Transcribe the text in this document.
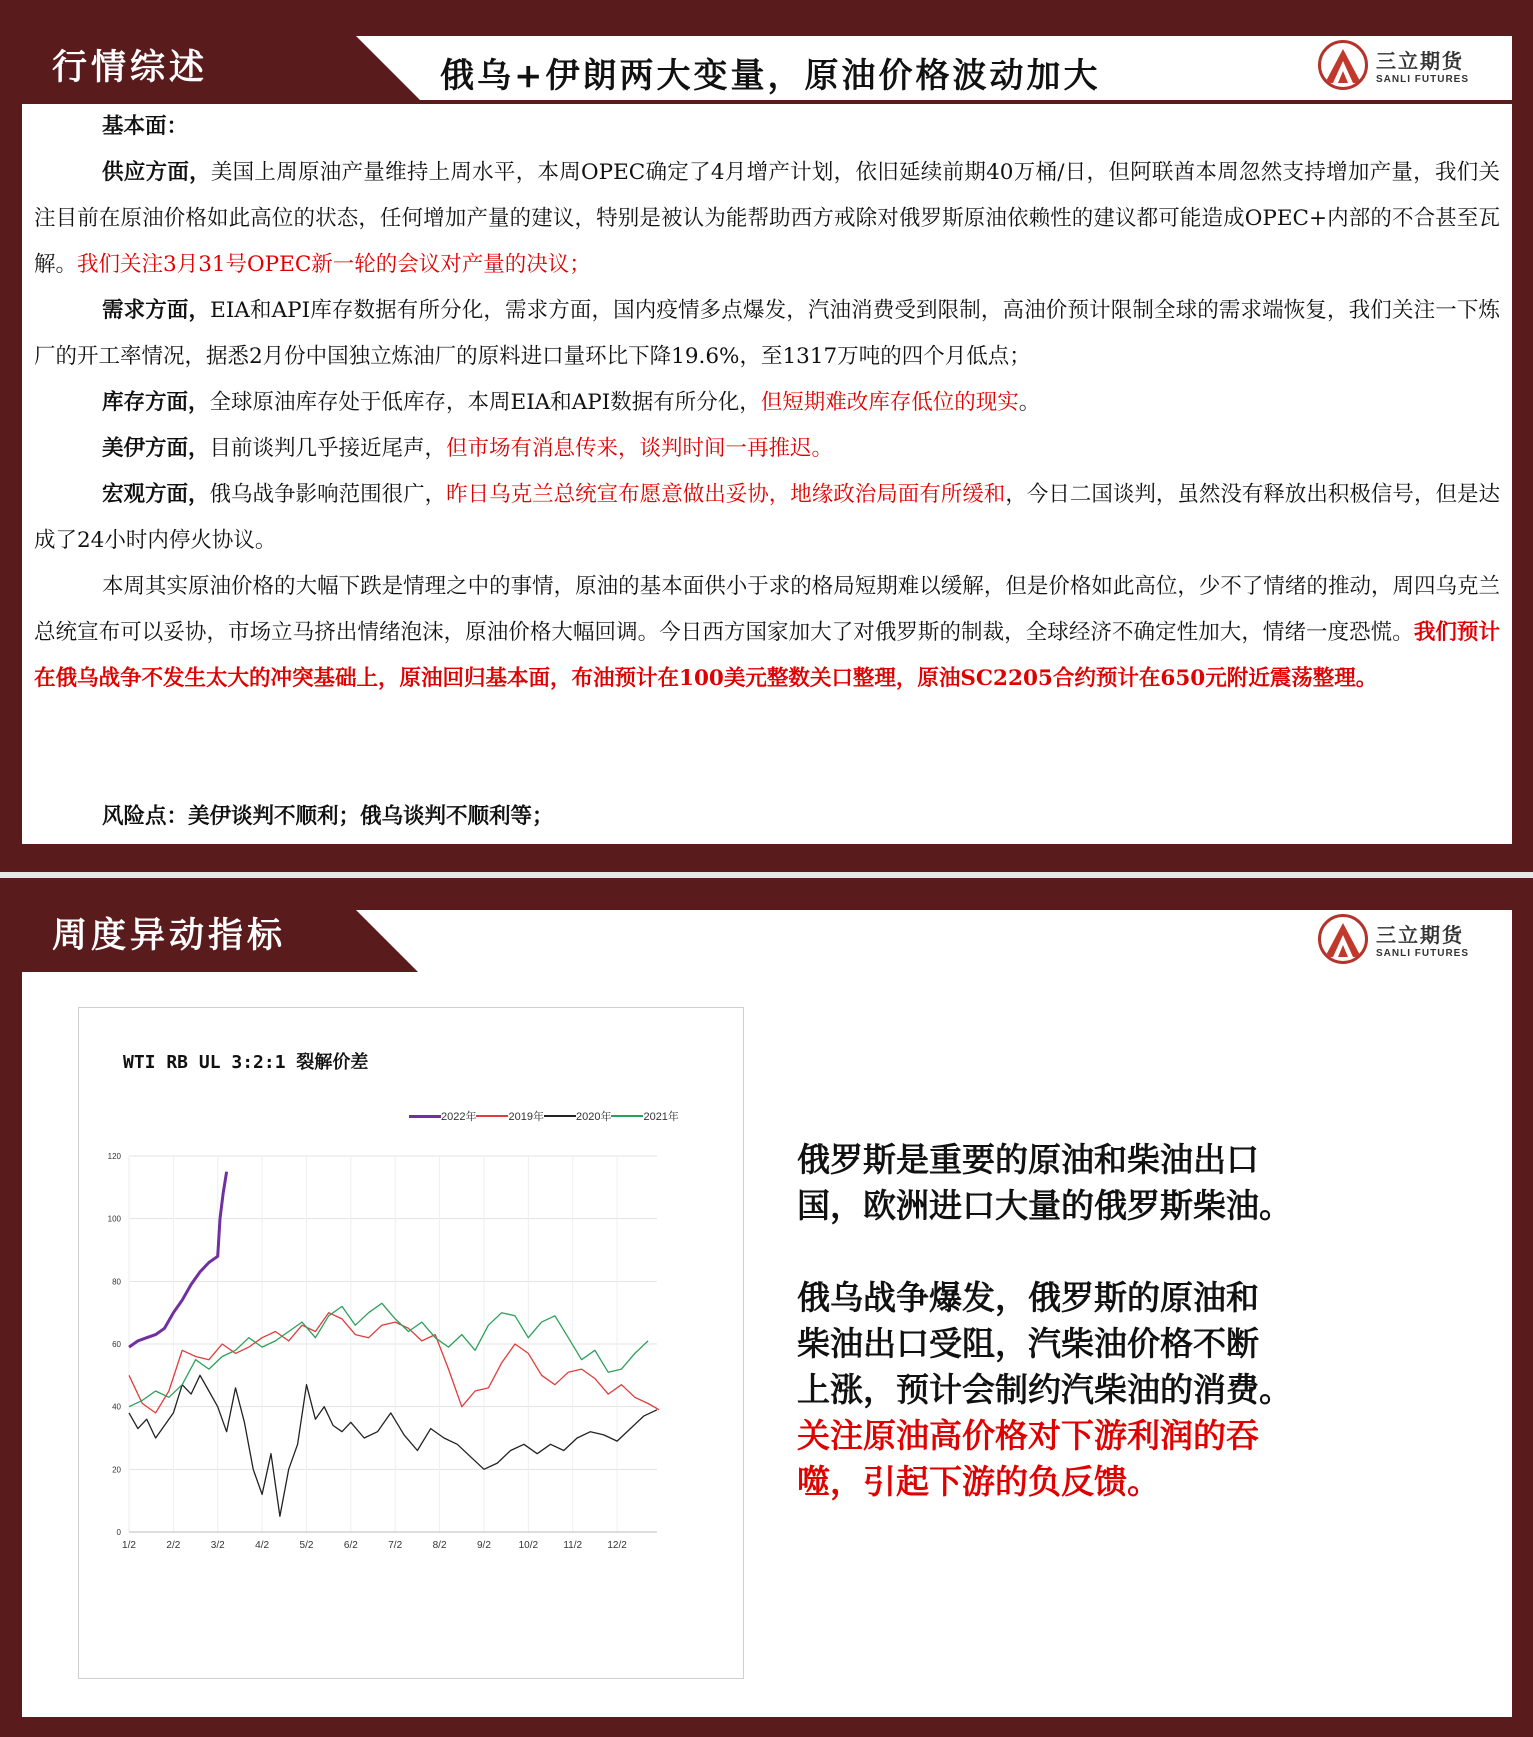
行情综述	俄乌+伊朗两大变量，原油价格波动加大	三立期货
SANLI FUTURES
基本面：
供应方面，美国上周原油产量维持上周水平，本周OPEC确定了4月增产计划，依旧延续前期40万桶/日，但阿联酋本周忽然支持增加产量，我们关注目前在原油价格如此高位的状态，任何增加产量的建议，特别是被认为能帮助西方戒除对俄罗斯原油依赖性的建议都可能造成OPEC+内部的不合甚至瓦解。我们关注3月31号OPEC新一轮的会议对产量的决议；
需求方面，EIA和API库存数据有所分化，需求方面，国内疫情多点爆发，汽油消费受到限制，高油价预计限制全球的需求端恢复，我们关注一下炼厂的开工率情况，据悉2月份中国独立炼油厂的原料进口量环比下降19.6%，至1317万吨的四个月低点；
库存方面，全球原油库存处于低库存，本周EIA和API数据有所分化，但短期难改库存低位的现实。
美伊方面，目前谈判几乎接近尾声，但市场有消息传来，谈判时间一再推迟。
宏观方面，俄乌战争影响范围很广，昨日乌克兰总统宣布愿意做出妥协，地缘政治局面有所缓和，今日二国谈判，虽然没有释放出积极信号，但是达成了24小时内停火协议。
本周其实原油价格的大幅下跌是情理之中的事情，原油的基本面供小于求的格局短期难以缓解，但是价格如此高位，少不了情绪的推动，周四乌克兰总统宣布可以妥协，市场立马挤出情绪泡沫，原油价格大幅回调。今日西方国家加大了对俄罗斯的制裁，全球经济不确定性加大，情绪一度恐慌。我们预计在俄乌战争不发生太大的冲突基础上，原油回归基本面，布油预计在100美元整数关口整理，原油SC2205合约预计在650元附近震荡整理。
风险点：美伊谈判不顺利；俄乌谈判不顺利等；
周度异动指标	三立期货
SANLI FUTURES
WTI RB UL 3:2:1 裂解价差
2022年	2019年	2020年	2021年
0
20
40
60
80
100
120
1/2	2/2	3/2	4/2	5/2	6/2	7/2	8/2	9/2	10/2	11/2	12/2
俄罗斯是重要的原油和柴油出口
国，欧洲进口大量的俄罗斯柴油。
俄乌战争爆发，俄罗斯的原油和
柴油出口受阻，汽柴油价格不断
上涨，预计会制约汽柴油的消费。
关注原油高价格对下游利润的吞
噬，引起下游的负反馈。
